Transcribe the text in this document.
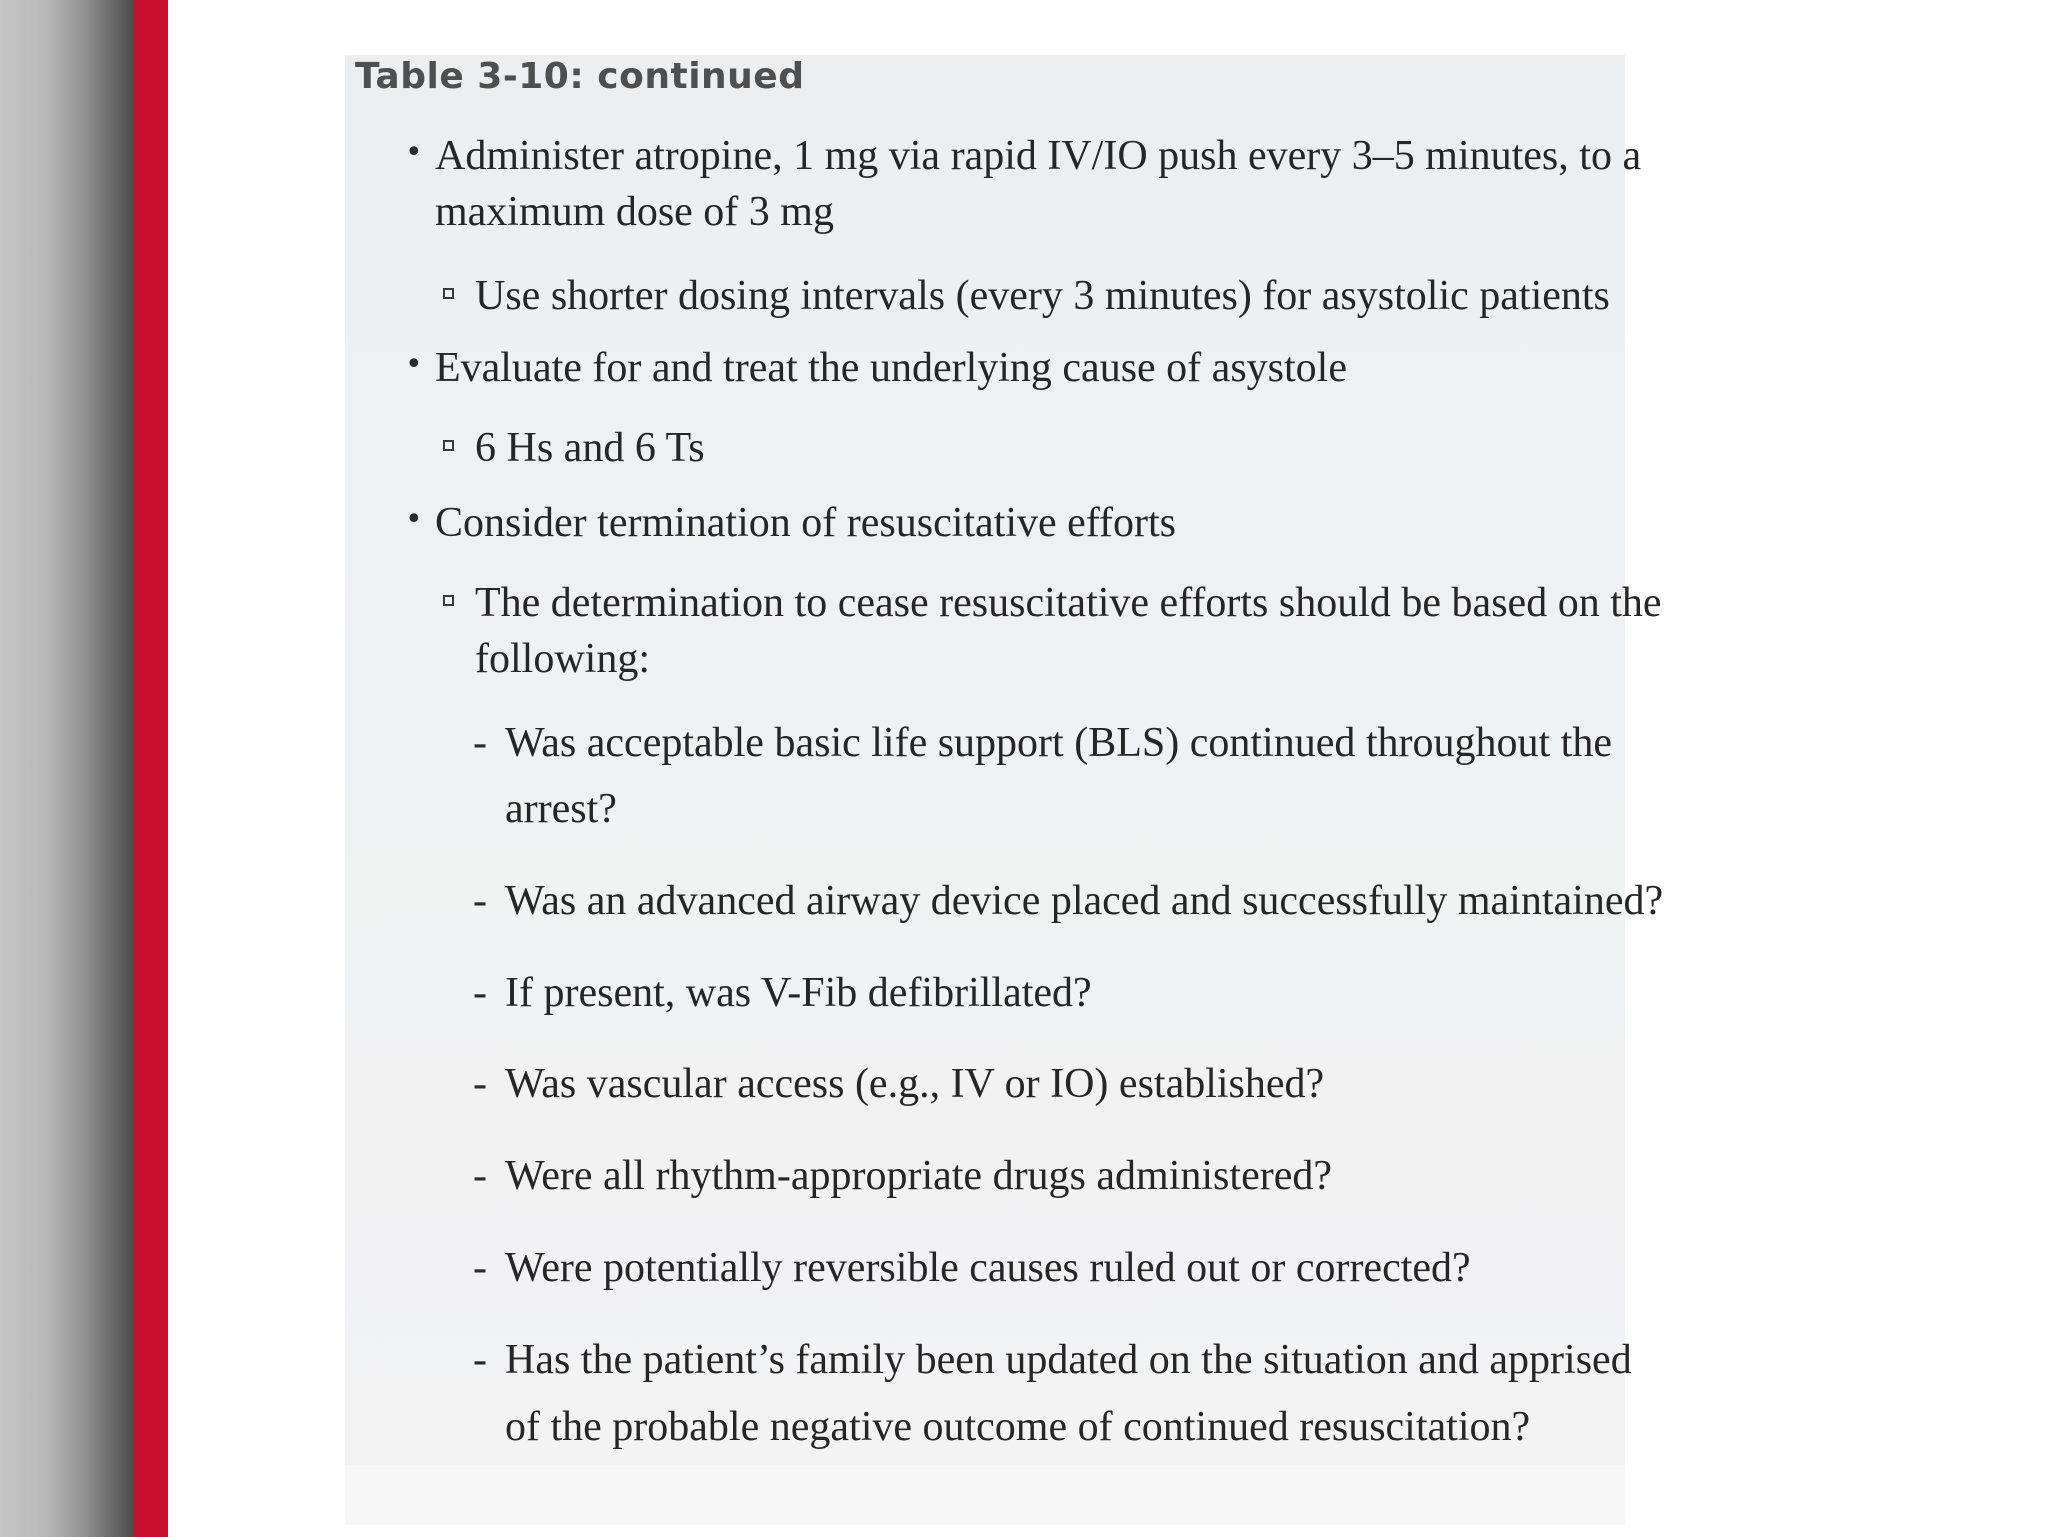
Table 3-10: continued
• Administer atropine, 1 mg via rapid IV/IO push every 3–5 minutes, to a

maximum dose of 3 mg

Use shorter dosing intervals (every 3 minutes) for asystolic patients

• Evaluate for and treat the underlying cause of asystole

6 Hs and 6 Ts

• Consider termination of resuscitative efforts

The determination to cease resuscitative efforts should be based on the

following:

- Was acceptable basic life support (BLS) continued throughout the

arrest?

- Was an advanced airway device placed and successfully maintained?

- If present, was V-Fib defibrillated?

- Was vascular access (e.g., IV or IO) established?

- Were all rhythm-appropriate drugs administered?

- Were potentially reversible causes ruled out or corrected?

- Has the patient’s family been updated on the situation and apprised

of the probable negative outcome of continued resuscitation?
